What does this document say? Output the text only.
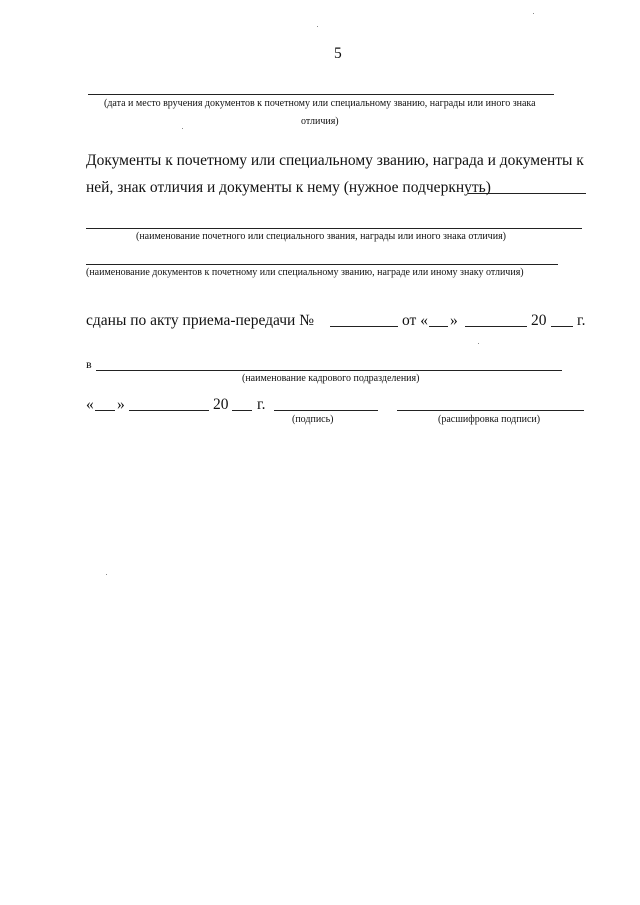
5
(дата и место вручения документов к почетному или специальному званию, награды или иного знака
отличия)
Документы к почетному или специальному званию, награда и документы к
ней, знак отличия и документы к нему (нужное подчеркнуть)
(наименование почетного или специального звания, награды или иного знака отличия)
(наименование документов к почетному или специальному званию, награде или иному знаку отличия)
сданы по акту приема-передачи №	от « »	20 г.
в
(наименование кадрового подразделения)
« »	20 г.
(подпись)	(расшифровка подписи)
